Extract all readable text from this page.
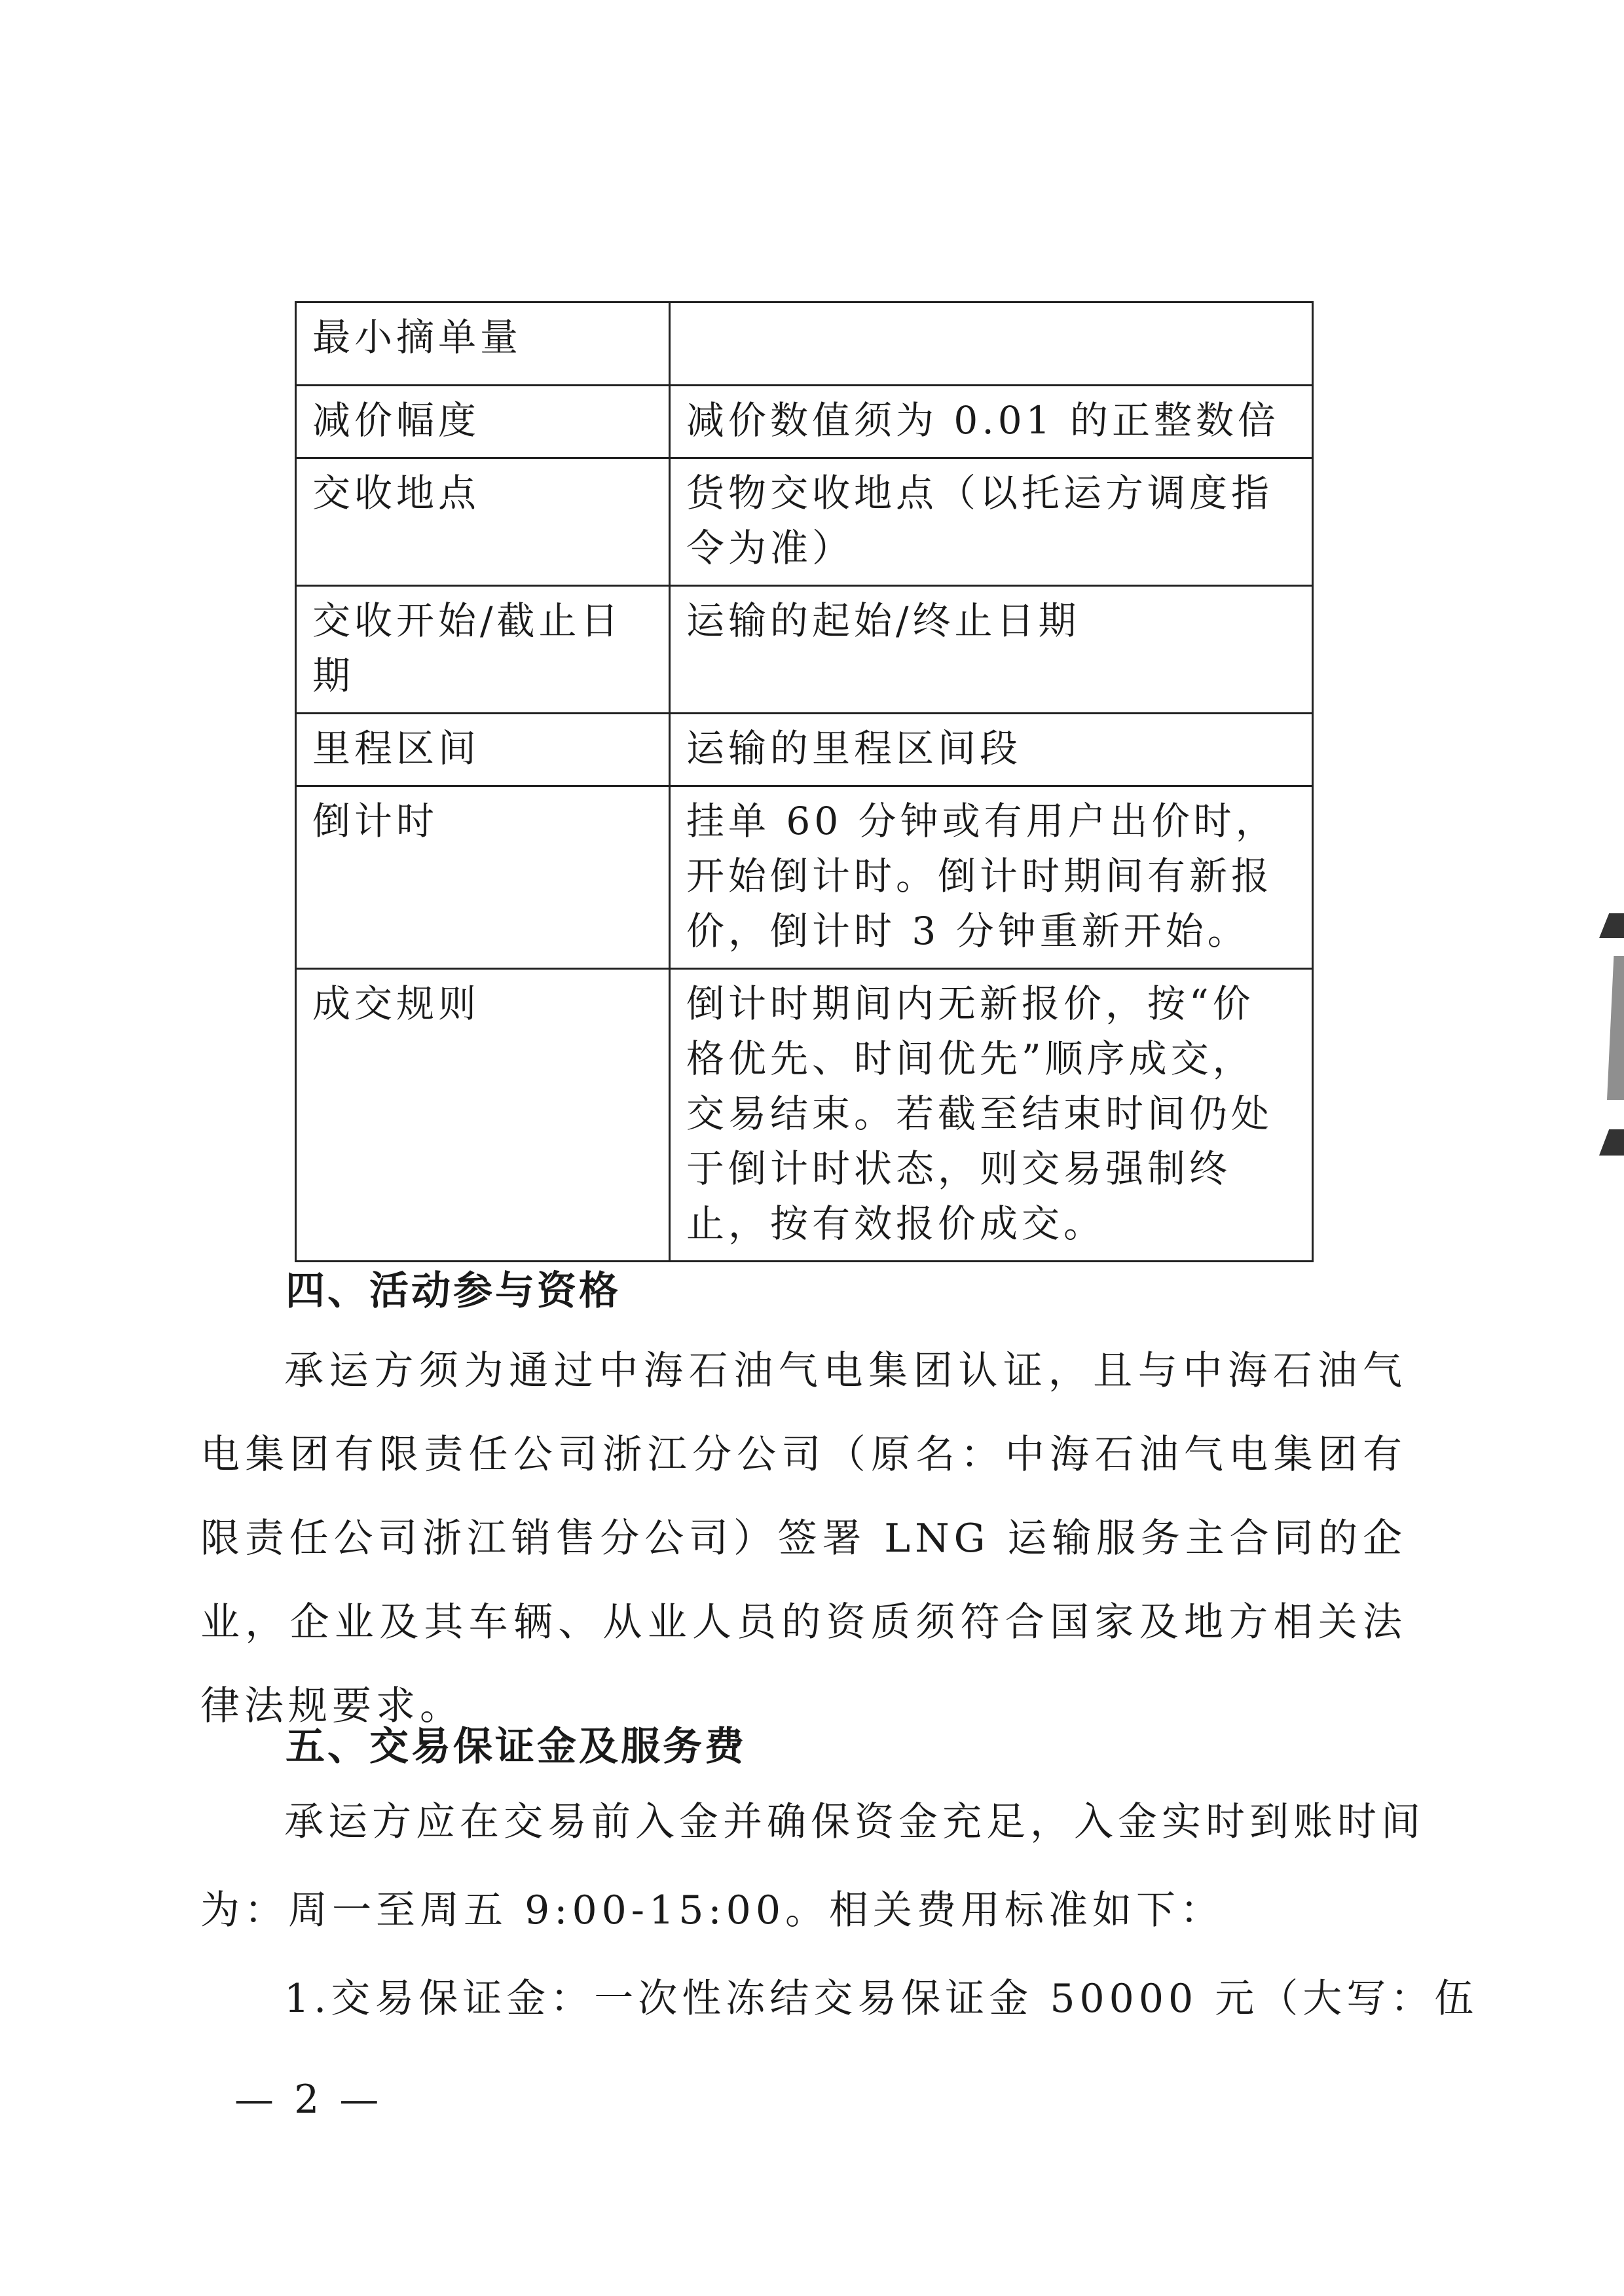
最小摘单量	
减价幅度	减价数值须为 0.01 的正整数倍
交收地点	货物交收地点（以托运方调度指令为准）
交收开始/截止日期	运输的起始/终止日期
里程区间	运输的里程区间段
倒计时	挂单 60 分钟或有用户出价时，开始倒计时。倒计时期间有新报价，倒计时 3 分钟重新开始。
成交规则	倒计时期间内无新报价，按“价格优先、时间优先”顺序成交，交易结束。若截至结束时间仍处于倒计时状态，则交易强制终止，按有效报价成交。
四、活动参与资格
承运方须为通过中海石油气电集团认证，且与中海石油气电集团有限责任公司浙江分公司（原名：中海石油气电集团有限责任公司浙江销售分公司）签署 LNG 运输服务主合同的企业，企业及其车辆、从业人员的资质须符合国家及地方相关法律法规要求。
五、交易保证金及服务费
承运方应在交易前入金并确保资金充足，入金实时到账时间
为：周一至周五 9:00-15:00。相关费用标准如下：
1.交易保证金：一次性冻结交易保证金 50000 元（大写：伍
— 2 —
